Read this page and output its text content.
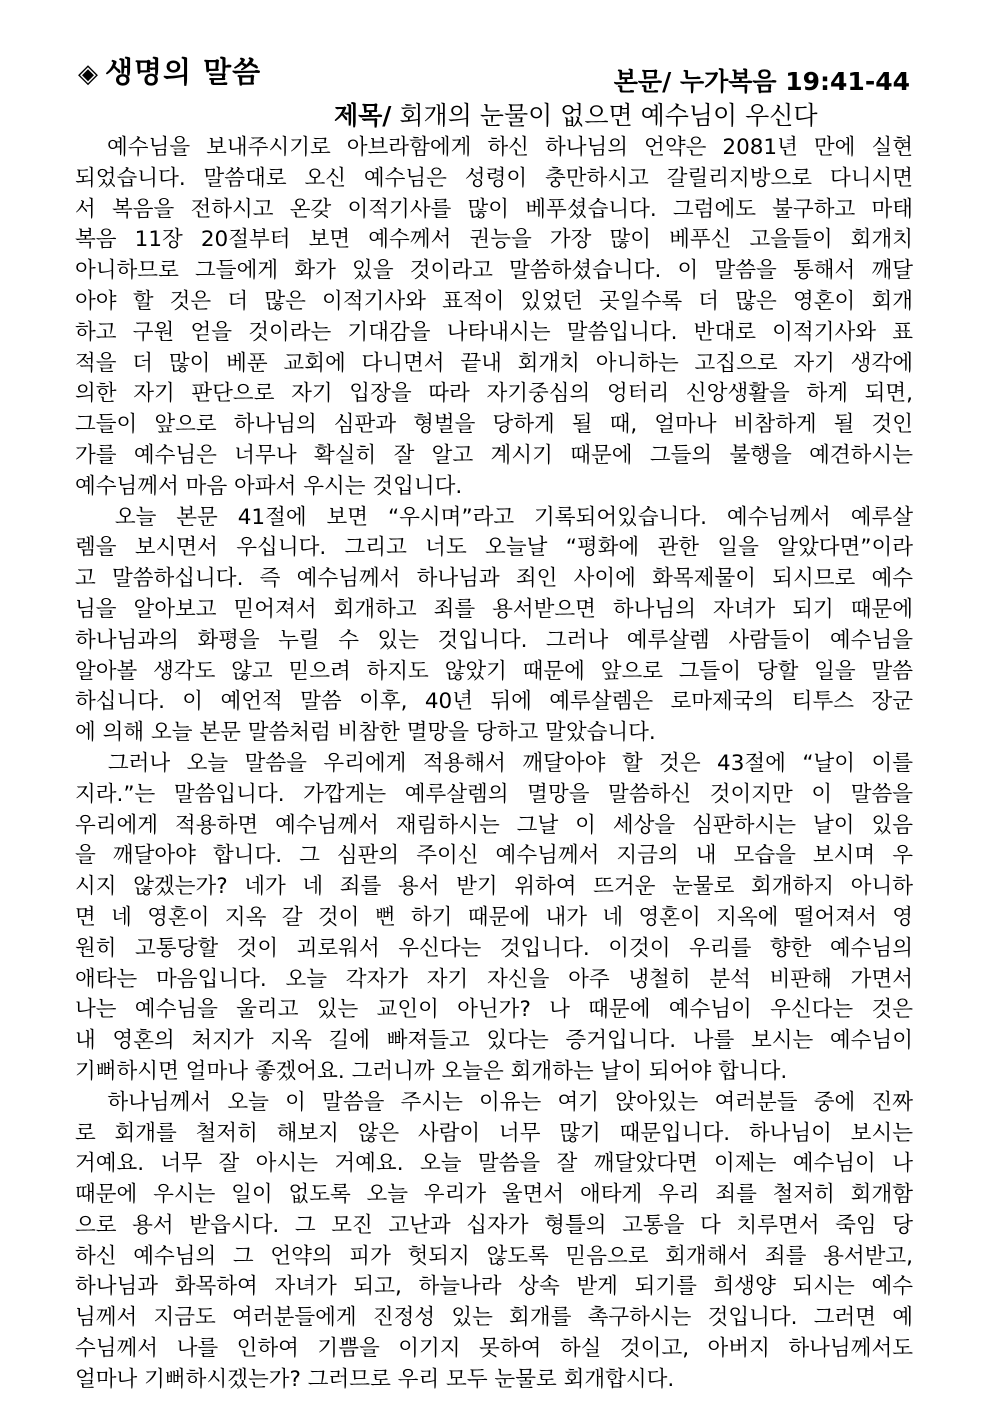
◈ 생명의 말씀	본문/ 누가복음 19:41-44
제목/ 회개의 눈물이 없으면 예수님이 우신다
예수님을 보내주시기로 아브라함에게 하신 하나님의 언약은 2081년 만에 실현
되었습니다. 말씀대로 오신 예수님은 성령이 충만하시고 갈릴리지방으로 다니시면
서 복음을 전하시고 온갖 이적기사를 많이 베푸셨습니다. 그럼에도 불구하고 마태
복음 11장 20절부터 보면 예수께서 권능을 가장 많이 베푸신 고을들이 회개치
아니하므로 그들에게 화가 있을 것이라고 말씀하셨습니다. 이 말씀을 통해서 깨달
아야 할 것은 더 많은 이적기사와 표적이 있었던 곳일수록 더 많은 영혼이 회개
하고 구원 얻을 것이라는 기대감을 나타내시는 말씀입니다. 반대로 이적기사와 표
적을 더 많이 베푼 교회에 다니면서 끝내 회개치 아니하는 고집으로 자기 생각에
의한 자기 판단으로 자기 입장을 따라 자기중심의 엉터리 신앙생활을 하게 되면,
그들이 앞으로 하나님의 심판과 형벌을 당하게 될 때, 얼마나 비참하게 될 것인
가를 예수님은 너무나 확실히 잘 알고 계시기 때문에 그들의 불행을 예견하시는
예수님께서 마음 아파서 우시는 것입니다.
오늘 본문 41절에 보면 “우시며”라고 기록되어있습니다. 예수님께서 예루살
렘을 보시면서 우십니다. 그리고 너도 오늘날 “평화에 관한 일을 알았다면”이라
고 말씀하십니다. 즉 예수님께서 하나님과 죄인 사이에 화목제물이 되시므로 예수
님을 알아보고 믿어져서 회개하고 죄를 용서받으면 하나님의 자녀가 되기 때문에
하나님과의 화평을 누릴 수 있는 것입니다. 그러나 예루살렘 사람들이 예수님을
알아볼 생각도 않고 믿으려 하지도 않았기 때문에 앞으로 그들이 당할 일을 말씀
하십니다. 이 예언적 말씀 이후, 40년 뒤에 예루살렘은 로마제국의 티투스 장군
에 의해 오늘 본문 말씀처럼 비참한 멸망을 당하고 말았습니다.
그러나 오늘 말씀을 우리에게 적용해서 깨달아야 할 것은 43절에 “날이 이를
지라.”는 말씀입니다. 가깝게는 예루살렘의 멸망을 말씀하신 것이지만 이 말씀을
우리에게 적용하면 예수님께서 재림하시는 그날 이 세상을 심판하시는 날이 있음
을 깨달아야 합니다. 그 심판의 주이신 예수님께서 지금의 내 모습을 보시며 우
시지 않겠는가? 네가 네 죄를 용서 받기 위하여 뜨거운 눈물로 회개하지 아니하
면 네 영혼이 지옥 갈 것이 뻔 하기 때문에 내가 네 영혼이 지옥에 떨어져서 영
원히 고통당할 것이 괴로워서 우신다는 것입니다. 이것이 우리를 향한 예수님의
애타는 마음입니다. 오늘 각자가 자기 자신을 아주 냉철히 분석 비판해 가면서
나는 예수님을 울리고 있는 교인이 아닌가? 나 때문에 예수님이 우신다는 것은
내 영혼의 처지가 지옥 길에 빠져들고 있다는 증거입니다. 나를 보시는 예수님이
기뻐하시면 얼마나 좋겠어요. 그러니까 오늘은 회개하는 날이 되어야 합니다.
하나님께서 오늘 이 말씀을 주시는 이유는 여기 앉아있는 여러분들 중에 진짜
로 회개를 철저히 해보지 않은 사람이 너무 많기 때문입니다. 하나님이 보시는
거예요. 너무 잘 아시는 거예요. 오늘 말씀을 잘 깨달았다면 이제는 예수님이 나
때문에 우시는 일이 없도록 오늘 우리가 울면서 애타게 우리 죄를 철저히 회개함
으로 용서 받읍시다. 그 모진 고난과 십자가 형틀의 고통을 다 치루면서 죽임 당
하신 예수님의 그 언약의 피가 헛되지 않도록 믿음으로 회개해서 죄를 용서받고,
하나님과 화목하여 자녀가 되고, 하늘나라 상속 받게 되기를 희생양 되시는 예수
님께서 지금도 여러분들에게 진정성 있는 회개를 촉구하시는 것입니다. 그러면 예
수님께서 나를 인하여 기쁨을 이기지 못하여 하실 것이고, 아버지 하나님께서도
얼마나 기뻐하시겠는가? 그러므로 우리 모두 눈물로 회개합시다.
